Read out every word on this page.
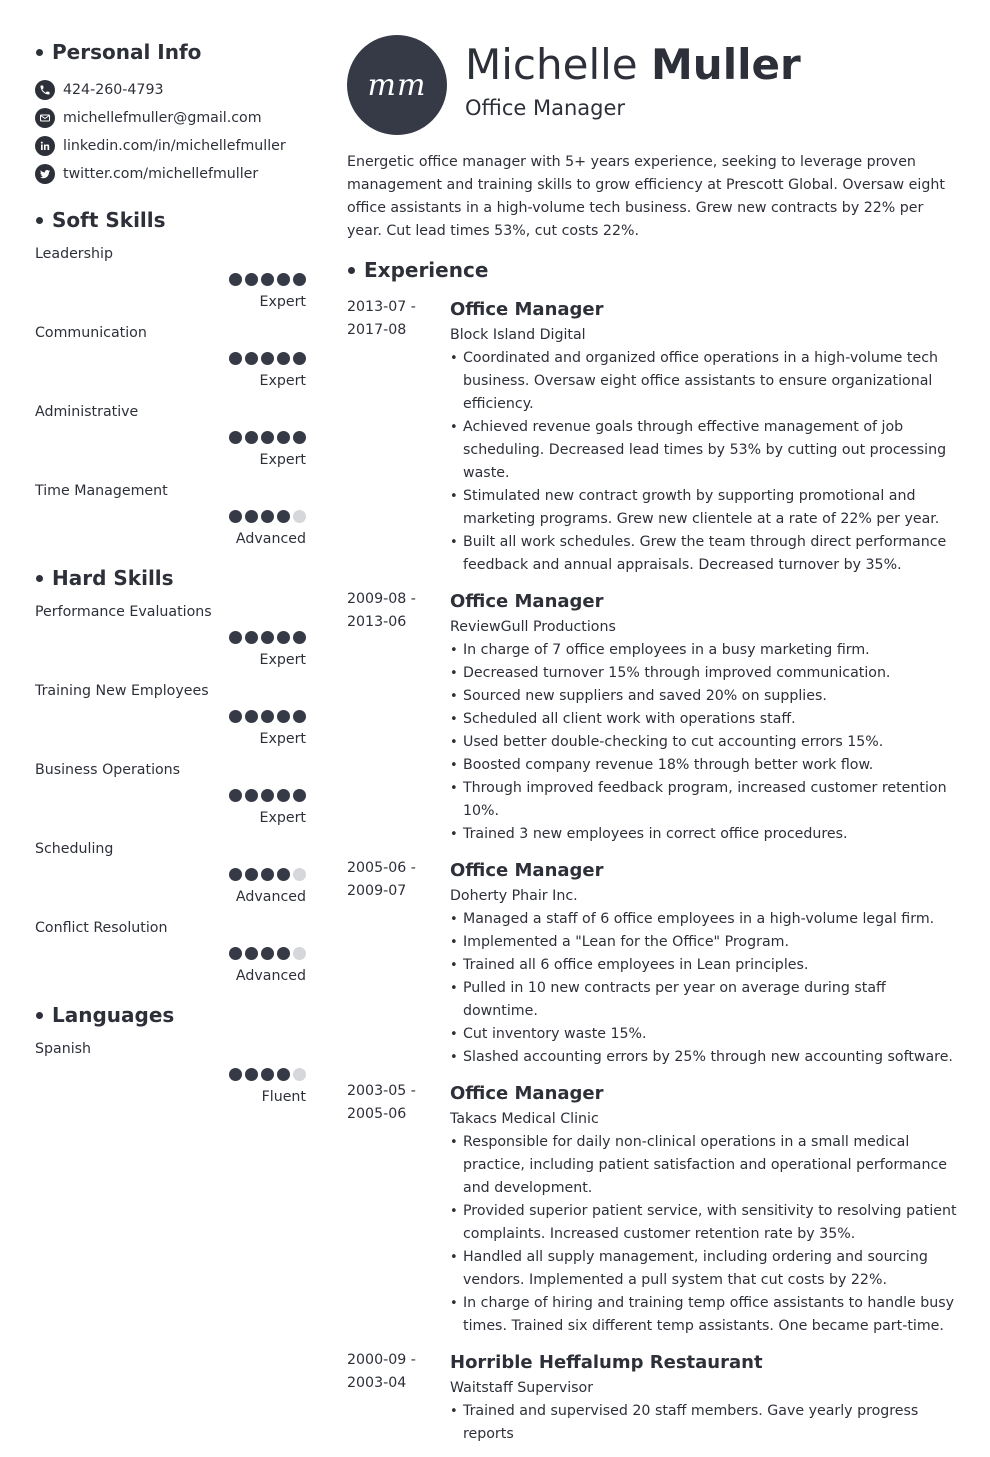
Personal Info
424-260-4793
michellefmuller@gmail.com
linkedin.com/in/michellefmuller
twitter.com/michellefmuller
Soft Skills
Leadership
Expert
Communication
Expert
Administrative
Expert
Time Management
Advanced
Hard Skills
Performance Evaluations
Expert
Training New Employees
Expert
Business Operations
Expert
Scheduling
Advanced
Conflict Resolution
Advanced
Languages
Spanish
Fluent
mm Michelle Muller
Office Manager

Energetic office manager with 5+ years experience, seeking to leverage proven management and training skills to grow efficiency at Prescott Global. Oversaw eight office assistants in a high-volume tech business. Grew new contracts by 22% per year. Cut lead times 53%, cut costs 22%.

Experience
2013-07 -
2017-08
Office Manager
Block Island Digital
• Coordinated and organized office operations in a high-volume tech business. Oversaw eight office assistants to ensure organizational efficiency.
• Achieved revenue goals through effective management of job scheduling. Decreased lead times by 53% by cutting out processing waste.
• Stimulated new contract growth by supporting promotional and marketing programs. Grew new clientele at a rate of 22% per year.
• Built all work schedules. Grew the team through direct performance feedback and annual appraisals. Decreased turnover by 35%.
2009-08 -
2013-06
Office Manager
ReviewGull Productions
• In charge of 7 office employees in a busy marketing firm.
• Decreased turnover 15% through improved communication.
• Sourced new suppliers and saved 20% on supplies.
• Scheduled all client work with operations staff.
• Used better double-checking to cut accounting errors 15%.
• Boosted company revenue 18% through better work flow.
• Through improved feedback program, increased customer retention 10%.
• Trained 3 new employees in correct office procedures.
2005-06 -
2009-07
Office Manager
Doherty Phair Inc.
• Managed a staff of 6 office employees in a high-volume legal firm.
• Implemented a "Lean for the Office" Program.
• Trained all 6 office employees in Lean principles.
• Pulled in 10 new contracts per year on average during staff downtime.
• Cut inventory waste 15%.
• Slashed accounting errors by 25% through new accounting software.
2003-05 -
2005-06
Office Manager
Takacs Medical Clinic
• Responsible for daily non-clinical operations in a small medical practice, including patient satisfaction and operational performance and development.
• Provided superior patient service, with sensitivity to resolving patient complaints. Increased customer retention rate by 35%.
• Handled all supply management, including ordering and sourcing vendors. Implemented a pull system that cut costs by 22%.
• In charge of hiring and training temp office assistants to handle busy times. Trained six different temp assistants. One became part-time.
2000-09 -
2003-04
Horrible Heffalump Restaurant
Waitstaff Supervisor
• Trained and supervised 20 staff members. Gave yearly progress reports
